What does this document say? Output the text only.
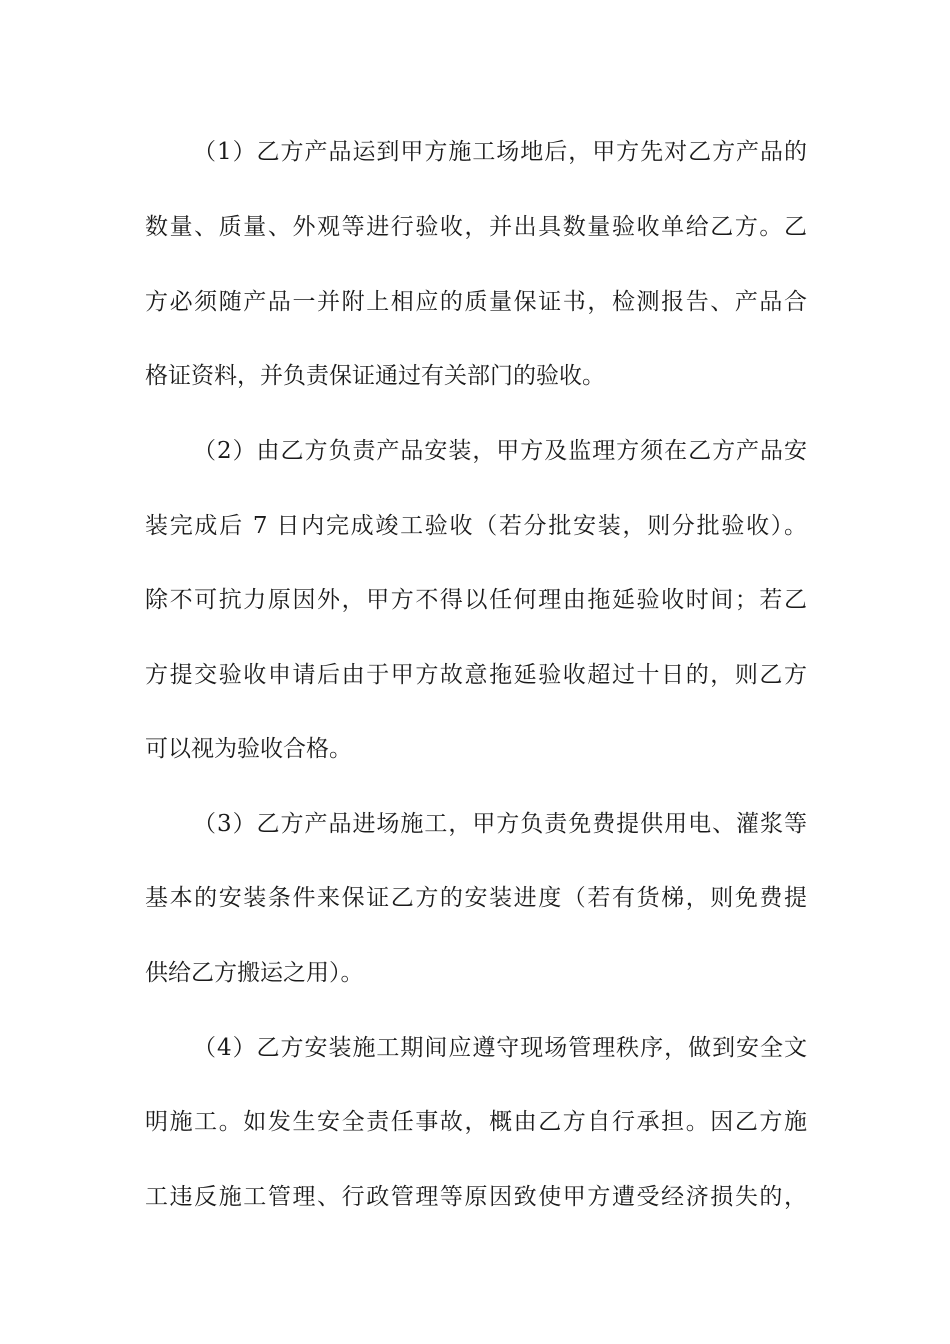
（1）乙方产品运到甲方施工场地后，甲方先对乙方产品的
数量、质量、外观等进行验收，并出具数量验收单给乙方。乙
方必须随产品一并附上相应的质量保证书，检测报告、产品合
格证资料，并负责保证通过有关部门的验收。
（2）由乙方负责产品安装，甲方及监理方须在乙方产品安
装完成后 7 日内完成竣工验收（若分批安装，则分批验收）。
除不可抗力原因外，甲方不得以任何理由拖延验收时间；若乙
方提交验收申请后由于甲方故意拖延验收超过十日的，则乙方
可以视为验收合格。
（3）乙方产品进场施工，甲方负责免费提供用电、灌浆等
基本的安装条件来保证乙方的安装进度（若有货梯，则免费提
供给乙方搬运之用）。
（4）乙方安装施工期间应遵守现场管理秩序，做到安全文
明施工。如发生安全责任事故，概由乙方自行承担。因乙方施
工违反施工管理、行政管理等原因致使甲方遭受经济损失的，
